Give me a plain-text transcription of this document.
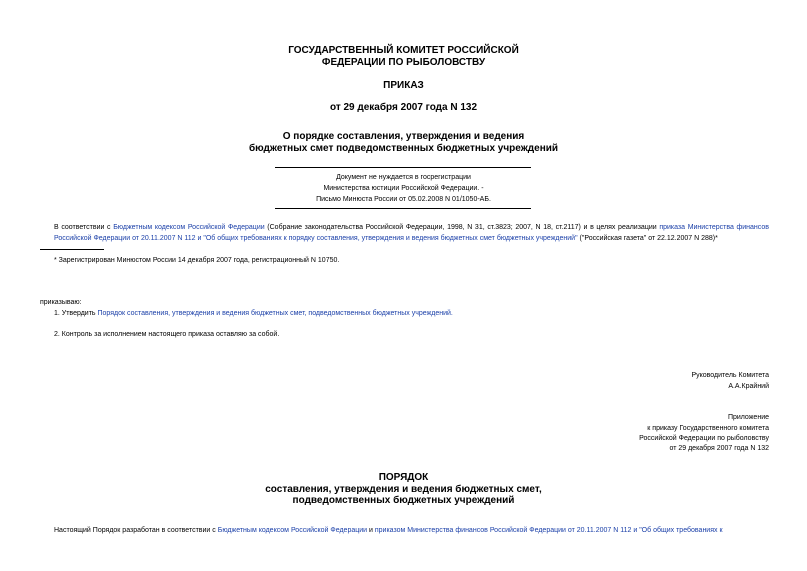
ГОСУДАРСТВЕННЫЙ КОМИТЕТ РОССИЙСКОЙ
ФЕДЕРАЦИИ ПО РЫБОЛОВСТВУ
ПРИКАЗ
от 29 декабря 2007 года N 132
О порядке составления, утверждения и ведения
бюджетных смет подведомственных бюджетных учреждений
Документ не нуждается в госрегистрации
Министерства юстиции Российской Федерации. -
Письмо Минюста России от 05.02.2008 N 01/1050-АБ.
В соответствии с Бюджетным кодексом Российской Федерации (Собрание законодательства Российской Федерации, 1998, N 31, ст.3823; 2007, N 18, ст.2117) и в целях реализации приказа Министерства финансов Российской Федерации от 20.11.2007 N 112 и "Об общих требованиях к порядку составления, утверждения и ведения бюджетных смет бюджетных учреждений" ("Российская газета" от 22.12.2007 N 288)*
* Зарегистрирован Минюстом России 14 декабря 2007 года, регистрационный N 10750.
приказываю:
1. Утвердить Порядок составления, утверждения и ведения бюджетных смет, подведомственных бюджетных учреждений.
2. Контроль за исполнением настоящего приказа оставляю за собой.
Руководитель Комитета
А.А.Крайний
Приложение
к приказу Государственного комитета
Российской Федерации по рыболовству
от 29 декабря 2007 года N 132
ПОРЯДОК
составления, утверждения и ведения бюджетных смет,
подведомственных бюджетных учреждений
Настоящий Порядок разработан в соответствии с Бюджетным кодексом Российской Федерации и приказом Министерства финансов Российской Федерации от 20.11.2007 N 112 и "Об общих требованиях к
